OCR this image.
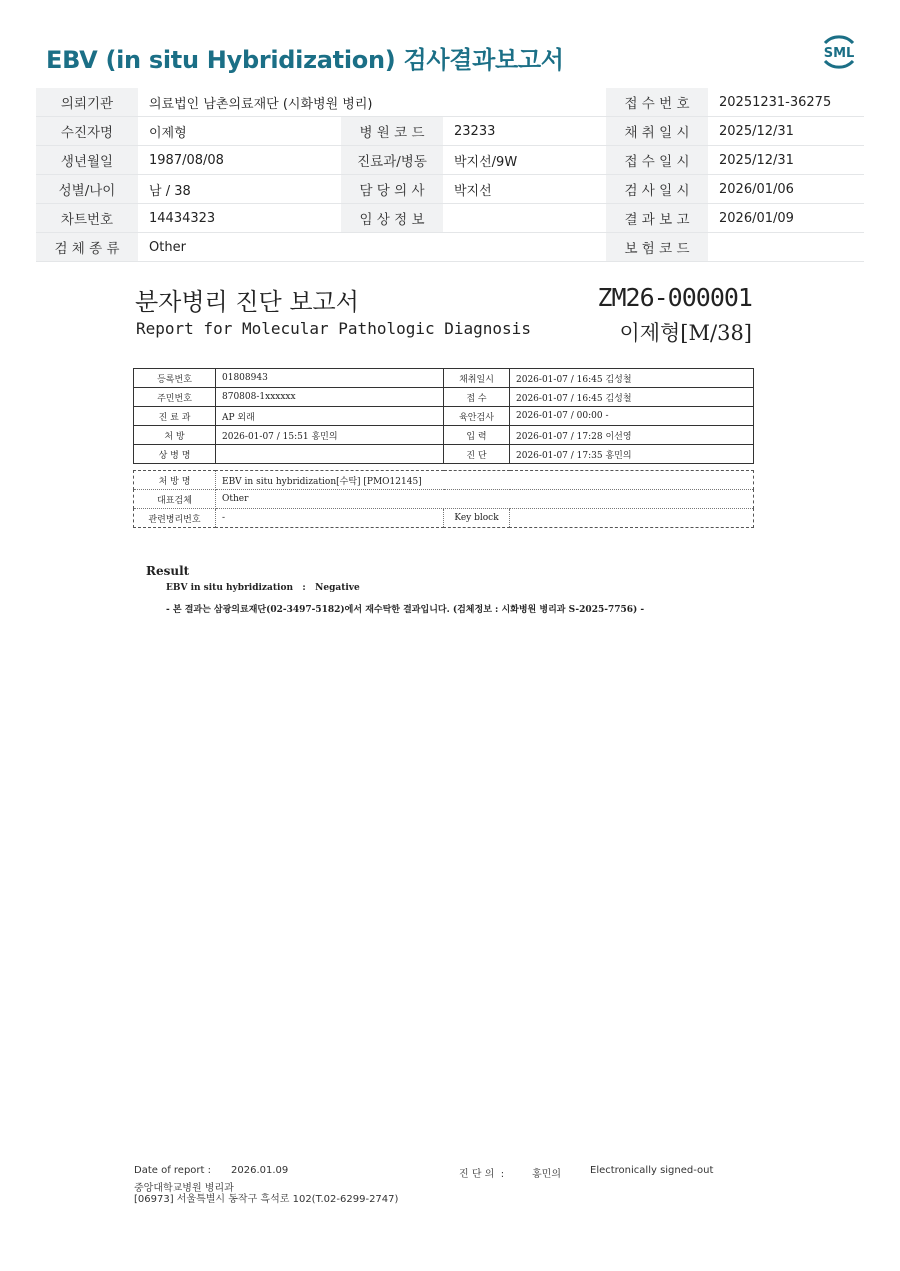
EBV (in situ Hybridization) 검사결과보고서	SML
의뢰기관	의료법인 남촌의료재단 (시화병원 병리)			접 수 번 호	20251231-36275
수진자명	이제형	병 원 코 드	23233	채 취 일 시	2025/12/31
생년월일	1987/08/08	진료과/병동	박지선/9W	접 수 일 시	2025/12/31
성별/나이	남 / 38	담 당 의 사	박지선	검 사 일 시	2026/01/06
차트번호	14434323	임 상 정 보		결 과 보 고	2026/01/09
검 체 종 류	Other			보 험 코 드	
분자병리 진단 보고서
Report for Molecular Pathologic Diagnosis
ZM26-000001
이제형[M/38]
등록번호	01808943	채취일시	2026-01-07 / 16:45 김성철
주민번호	870808-1xxxxxx	접 수	2026-01-07 / 16:45 김성철
진 료 과	AP 외래	육안검사	2026-01-07 / 00:00 -
처 방	2026-01-07 / 15:51 홍민의	입 력	2026-01-07 / 17:28 이선영
상 병 명		진 단	2026-01-07 / 17:35 홍민의
처 방 명	EBV in situ hybridization[수탁] [PMO12145]		
대표검체	Other		
관련병리번호	-	Key block	
Result
EBV in situ hybridization   :   Negative
- 본 결과는 삼광의료재단(02-3497-5182)에서 재수탁한 결과입니다. (검체정보 : 시화병원 병리과 S-2025-7756) -
Date of report : 2026.01.09	진 단 의  :	홍민의	Electronically signed-out
중앙대학교병원 병리과
[06973] 서울특별시 동작구 흑석로 102(T.02-6299-2747)
